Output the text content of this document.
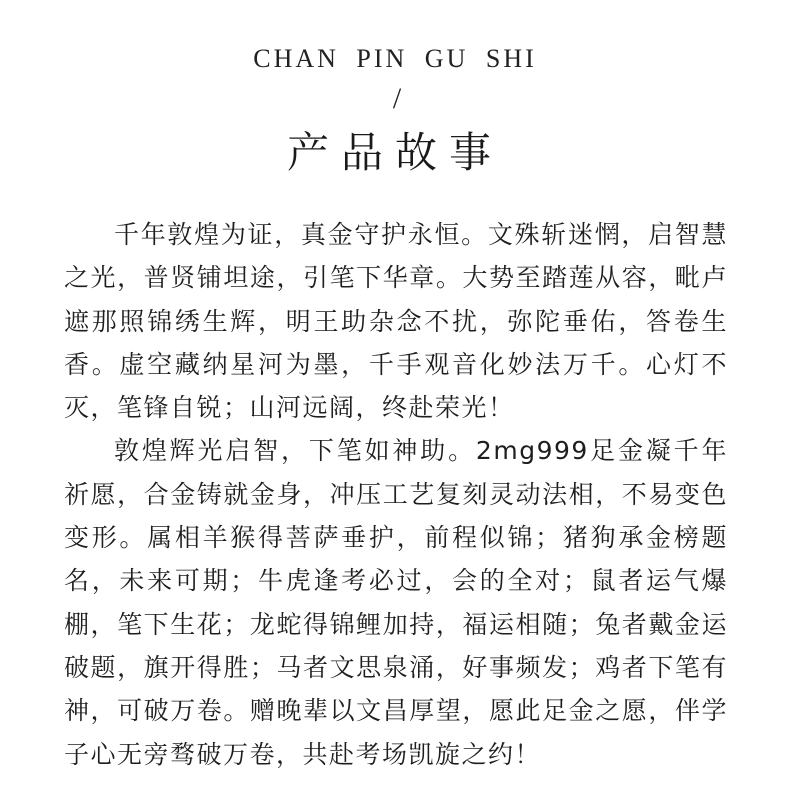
CHAN PIN GU SHI
/
产品故事

千年敦煌为证，真金守护永恒。文殊斩迷惘，启智慧之光，普贤铺坦途，引笔下华章。大势至踏莲从容，毗卢遮那照锦绣生辉，明王助杂念不扰，弥陀垂佑，答卷生香。虚空藏纳星河为墨，千手观音化妙法万千。心灯不灭，笔锋自锐；山河远阔，终赴荣光！

敦煌辉光启智，下笔如神助。2mg999足金凝千年祈愿，合金铸就金身，冲压工艺复刻灵动法相，不易变色变形。属相羊猴得菩萨垂护，前程似锦；猪狗承金榜题名，未来可期；牛虎逢考必过，会的全对；鼠者运气爆棚，笔下生花；龙蛇得锦鲤加持，福运相随；兔者戴金运破题，旗开得胜；马者文思泉涌，好事频发；鸡者下笔有神，可破万卷。赠晚辈以文昌厚望，愿此足金之愿，伴学子心无旁骛破万卷，共赴考场凯旋之约！
